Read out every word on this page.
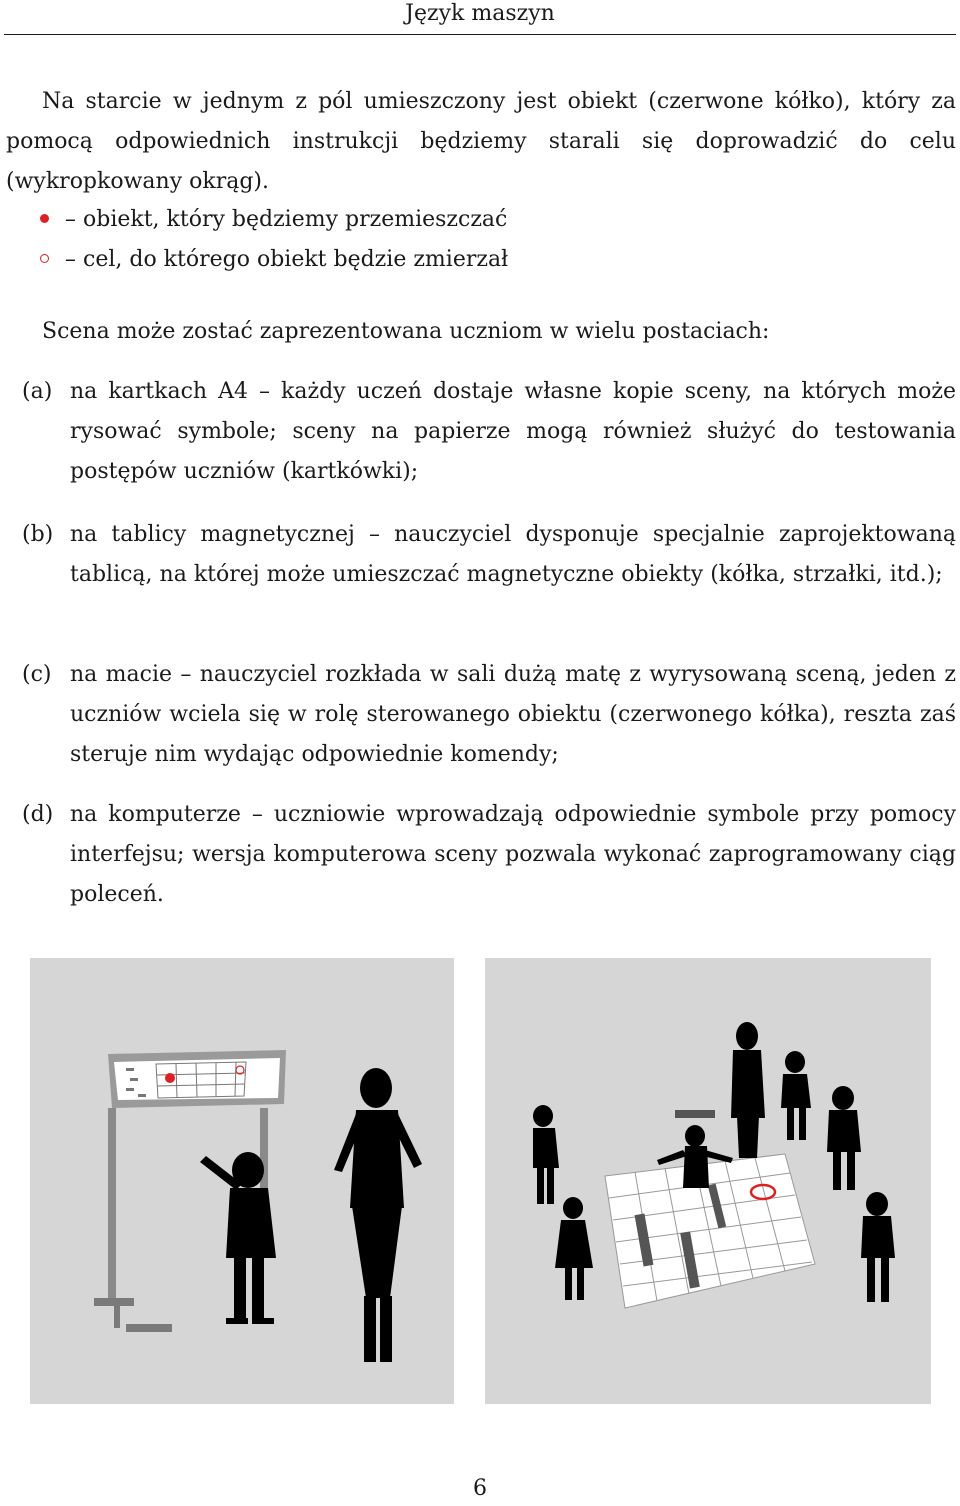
Język maszyn
Na starcie w jednym z pól umieszczony jest obiekt (czerwone kółko), który za pomocą odpowiednich instrukcji będziemy starali się doprowadzić do celu (wykropkowany okrąg).
– obiekt, który będziemy przemieszczać
– cel, do którego obiekt będzie zmierzał
Scena może zostać zaprezentowana uczniom w wielu postaciach:
(a) na kartkach A4 – każdy uczeń dostaje własne kopie sceny, na których może rysować symbole; sceny na papierze mogą również służyć do testowania postępów uczniów (kartkówki);
(b) na tablicy magnetycznej – nauczyciel dysponuje specjalnie zaprojektowaną tablicą, na której może umieszczać magnetyczne obiekty (kółka, strzałki, itd.);
(c) na macie – nauczyciel rozkłada w sali dużą matę z wyrysowaną sceną, jeden z uczniów wciela się w rolę sterowanego obiektu (czerwonego kółka), reszta zaś steruje nim wydając odpowiednie komendy;
(d) na komputerze – uczniowie wprowadzają odpowiednie symbole przy pomocy interfejsu; wersja komputerowa sceny pozwala wykonać zaprogramowany ciąg poleceń.
6
